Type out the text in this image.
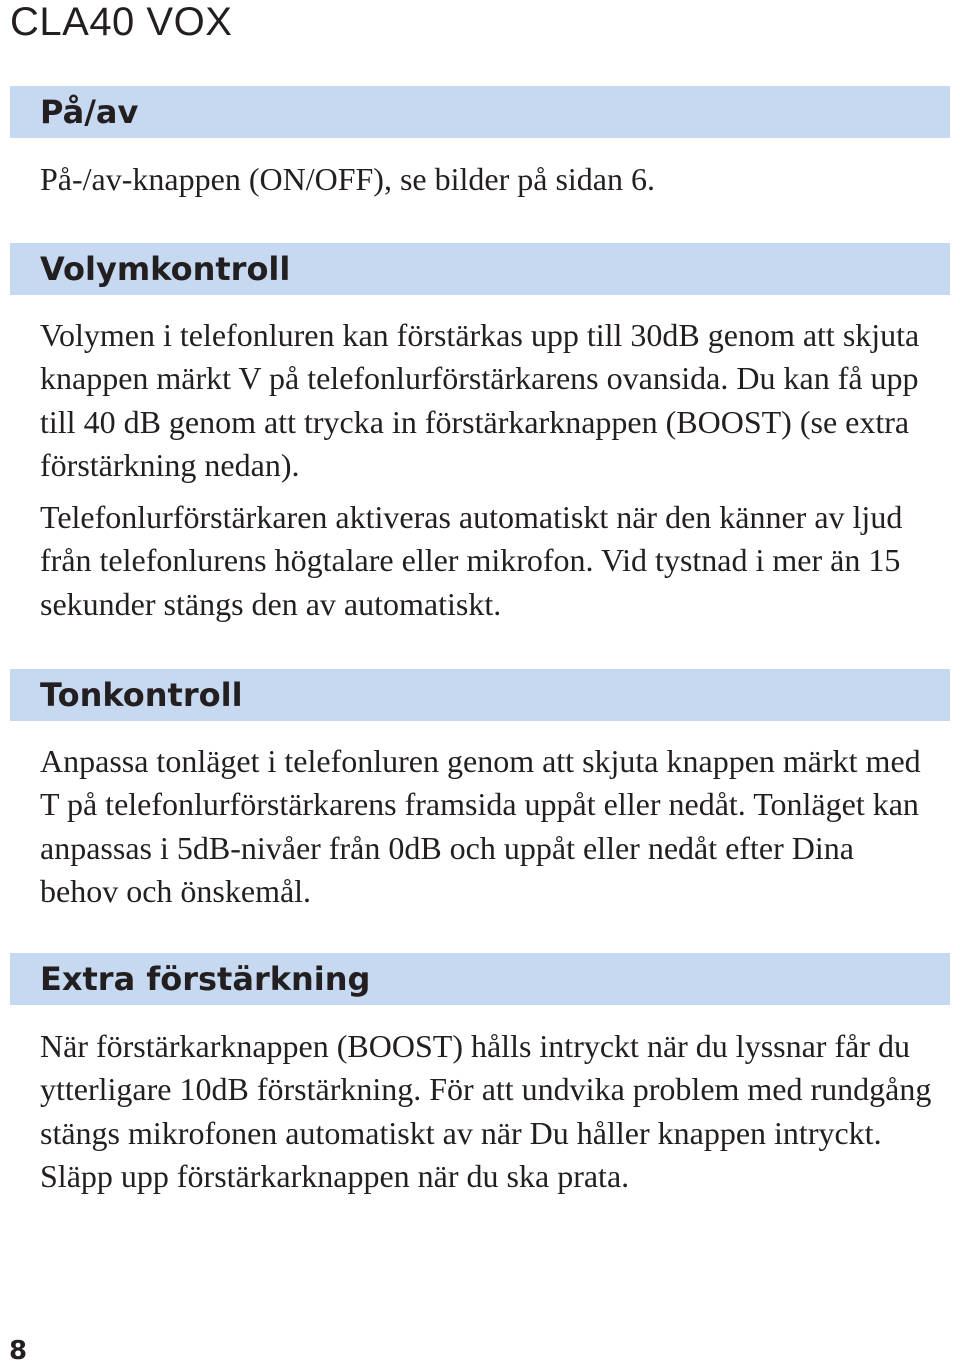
CLA40 VOX
På/av

På-/av-knappen (ON/OFF), se bilder på sidan 6.

Volymkontroll

Volymen i telefonluren kan förstärkas upp till 30dB genom att skjuta knappen märkt V på telefonlurförstärkarens ovansida. Du kan få upp till 40 dB genom att trycka in förstärkarknappen (BOOST) (se extra förstärkning nedan).

Telefonlurförstärkaren aktiveras automatiskt när den känner av ljud från telefonlurens högtalare eller mikrofon. Vid tystnad i mer än 15 sekunder stängs den av automatiskt.

Tonkontroll

Anpassa tonläget i telefonluren genom att skjuta knappen märkt med T på telefonlurförstärkarens framsida uppåt eller nedåt. Tonläget kan anpassas i 5dB-nivåer från 0dB och uppåt eller nedåt efter Dina behov och önskemål.

Extra förstärkning

När förstärkarknappen (BOOST) hålls intryckt när du lyssnar får du ytterligare 10dB förstärkning. För att undvika problem med rundgång stängs mikrofonen automatiskt av när Du håller knappen intryckt. Släpp upp förstärkarknappen när du ska prata.

8
